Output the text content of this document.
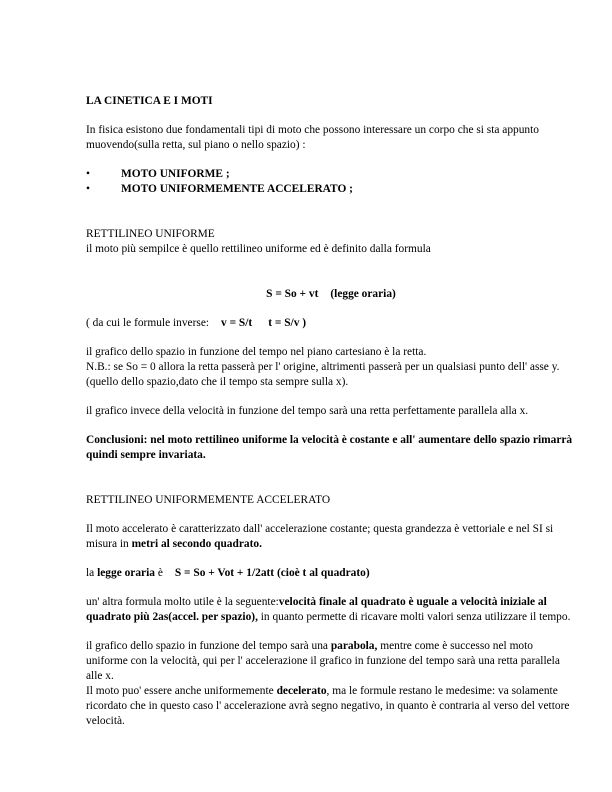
LA CINETICA E I MOTI

In fisica esistono due fondamentali tipi di moto che possono interessare un corpo che si sta appunto muovendo(sulla retta, sul piano o nello spazio) :

•	MOTO UNIFORME ;
•	MOTO UNIFORMEMENTE ACCELERATO ;

RETTILINEO UNIFORME

il moto più sempilce è quello rettilineo uniforme ed è definito dalla formula

S = So + vt (legge oraria)

( da cui le formule inverse: v = S/t t = S/v )

il grafico dello spazio in funzione del tempo nel piano cartesiano è la retta.

N.B.: se So = 0 allora la retta passerà per l' origine, altrimenti passerà per un qualsiasi punto dell' asse y.(quello dello spazio,dato che il tempo sta sempre sulla x).

il grafico invece della velocità in funzione del tempo sarà una retta perfettamente parallela alla x.

Conclusioni: nel moto rettilineo uniforme la velocità è costante e all' aumentare dello spazio rimarrà quindi sempre invariata.

RETTILINEO UNIFORMEMENTE ACCELERATO

Il moto accelerato è caratterizzato dall' accelerazione costante; questa grandezza è vettoriale e nel SI si misura in metri al secondo quadrato.

la legge oraria è S = So + Vot + 1/2att (cioè t al quadrato)

un' altra formula molto utile è la seguente:velocità finale al quadrato è uguale a velocità iniziale al quadrato più 2as(accel. per spazio), in quanto permette di ricavare molti valori senza utilizzare il tempo.

il grafico dello spazio in funzione del tempo sarà una parabola, mentre come è successo nel moto uniforme con la velocità, qui per l' accelerazione il grafico in funzione del tempo sarà una retta parallela alle x.

Il moto puo' essere anche uniformemente decelerato, ma le formule restano le medesime: va solamente ricordato che in questo caso l' accelerazione avrà segno negativo, in quanto è contraria al verso del vettore velocità.
